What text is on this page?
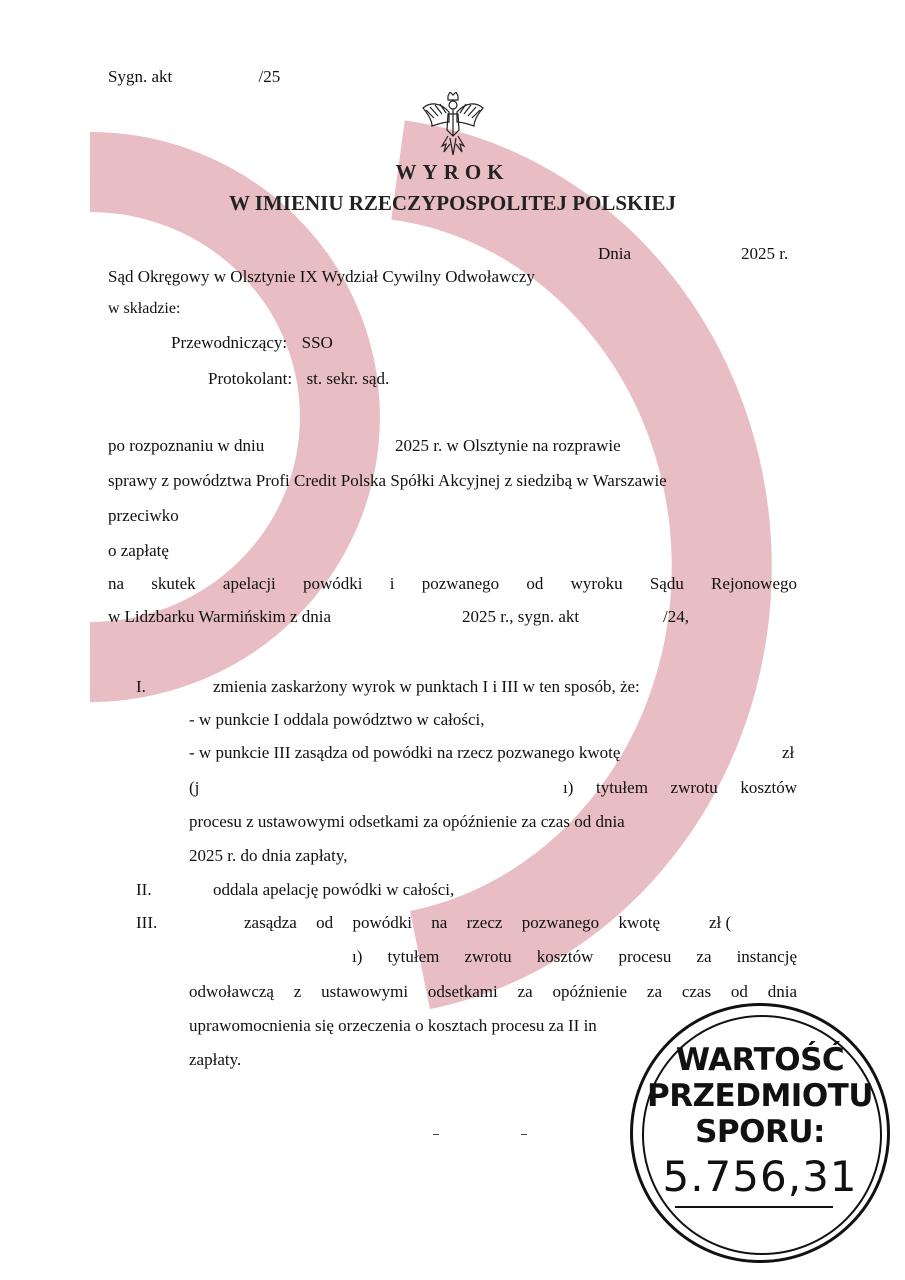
Sygn. akt	/25
WYROK
W IMIENIU RZECZYPOSPOLITEJ POLSKIEJ
Dnia	2025 r.
Sąd Okręgowy w Olsztynie IX Wydział Cywilny Odwoławczy
w składzie:
Przewodniczący: SSO
Protokolant: st. sekr. sąd.
po rozpoznaniu w dniu	2025 r. w Olsztynie na rozprawie
sprawy z powództwa Profi Credit Polska Spółki Akcyjnej z siedzibą w Warszawie
przeciwko
o zapłatę
na skutek apelacji powódki i pozwanego od wyroku Sądu Rejonowego
w Lidzbarku Warmińskim z dnia	2025 r., sygn. akt	/24,
I.	zmienia zaskarżony wyrok w punktach I i III w ten sposób, że:
- w punkcie I oddala powództwo w całości,
- w punkcie III zasądza od powódki na rzecz pozwanego kwotę	zł
(j	ı) tytułem zwrotu kosztów
procesu z ustawowymi odsetkami za opóźnienie za czas od dnia
2025 r. do dnia zapłaty,
II.	oddala apelację powódki w całości,
III.	zasądza od powódki na rzecz pozwanego kwotę	zł (
ı) tytułem zwrotu kosztów procesu za instancję
odwoławczą z ustawowymi odsetkami za opóźnienie za czas od dnia
uprawomocnienia się orzeczenia o kosztach procesu za II in
zapłaty.	WARTOŚĆ
PRZEDMIOTU
SPORU:
5.756,31
